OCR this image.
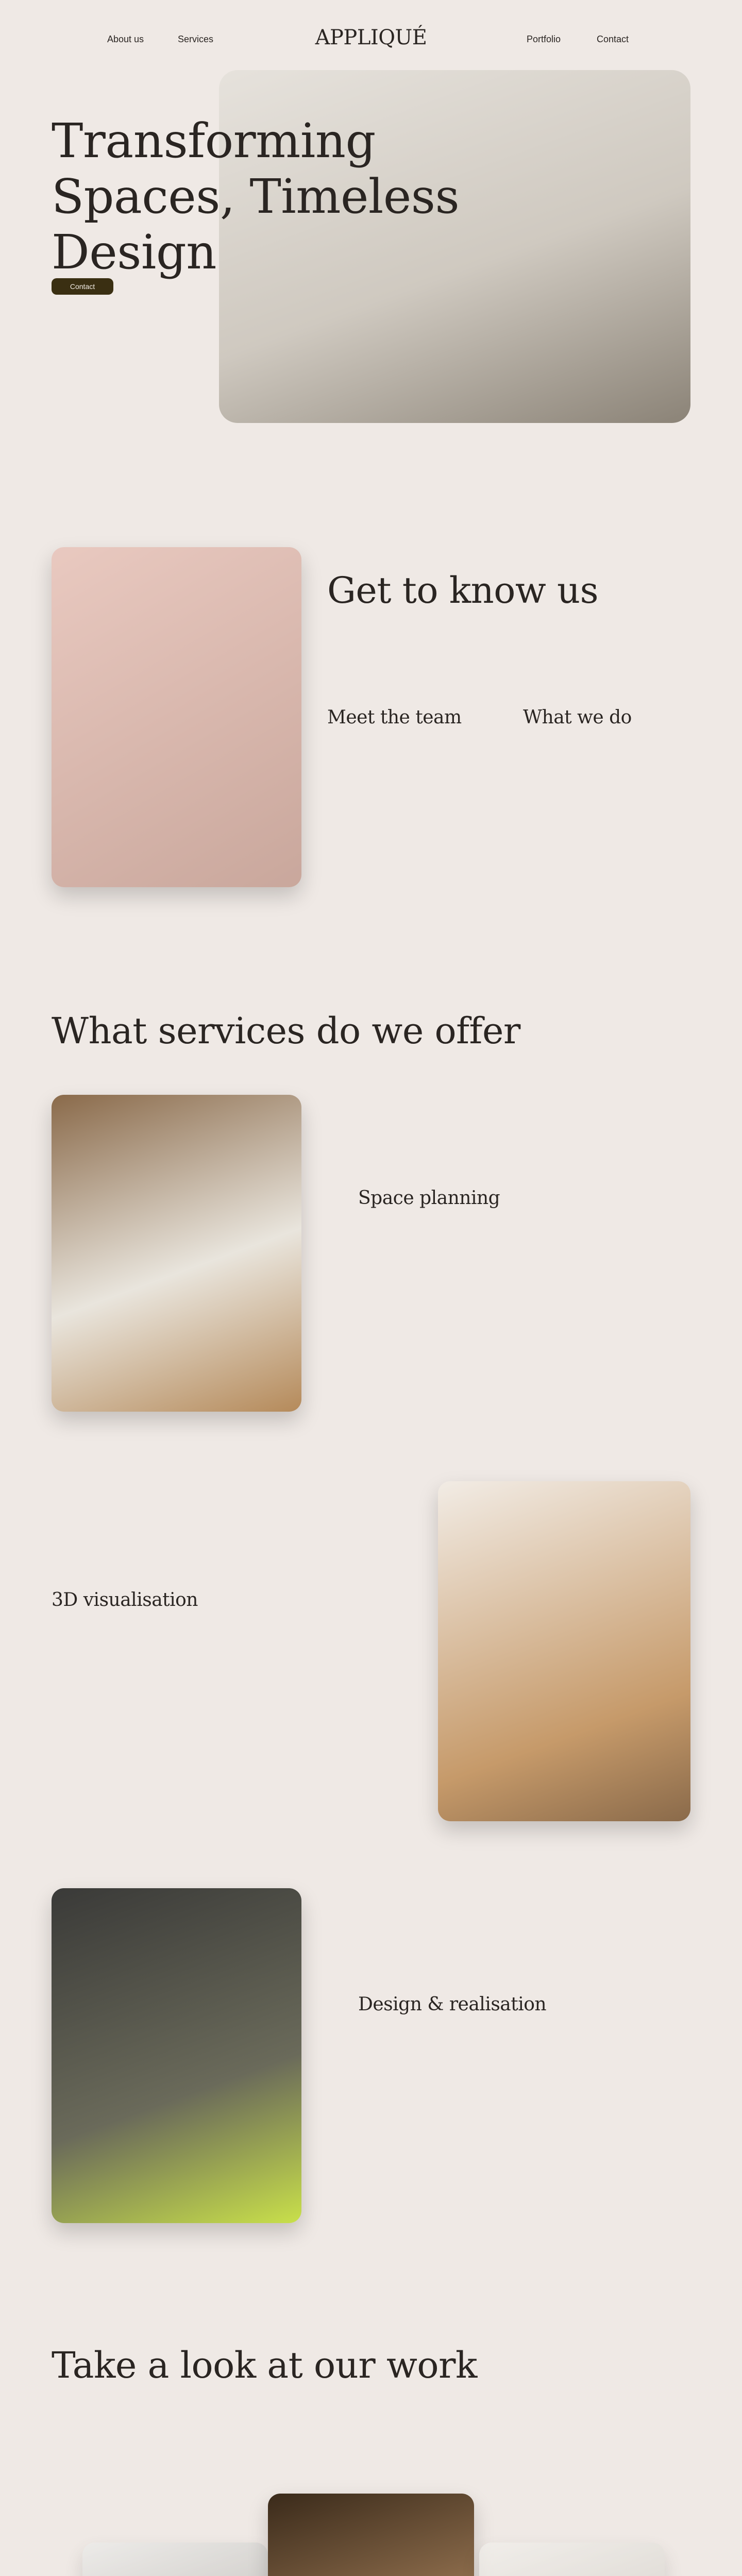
About us	Services	APPLIQUÉ	Portfolio	Contact
Transforming Spaces, Timeless Design

Contact
Get to know us

Meet the team	What we do

What services do we offer
Space planning

3D visualisation

Design & realisation

Take a look at our work
